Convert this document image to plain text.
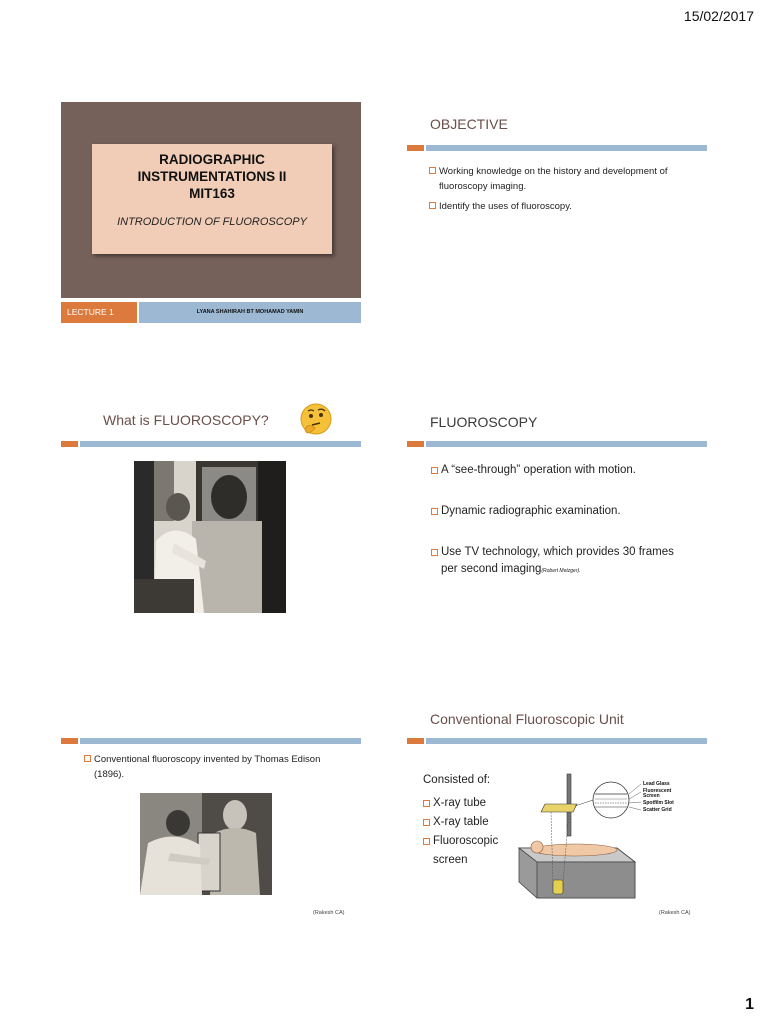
15/02/2017
RADIOGRAPHIC
INSTRUMENTATIONS II
MIT163
INTRODUCTION OF FLUOROSCOPY
LECTURE 1	LYANA SHAHIRAH BT MOHAMAD YAMIN
OBJECTIVE
Working knowledge on the history and development of fluoroscopy imaging.
Identify the uses of fluoroscopy.
What is FLUOROSCOPY?	FLUOROSCOPY
A “see-through” operation with motion.
Dynamic radiographic examination.
Use TV technology, which provides 30 frames per second imaging(Robert Metzger).
Conventional fluoroscopy invented by Thomas Edison (1896).
(Rakesh CA)
Conventional Fluoroscopic Unit
Consisted of:
X-ray tube
X-ray table
Fluoroscopic screen
Lead Glass
Fluorescent
Screen
Spotfilm Slot
Scatter Grid
(Rakesh CA)
1
